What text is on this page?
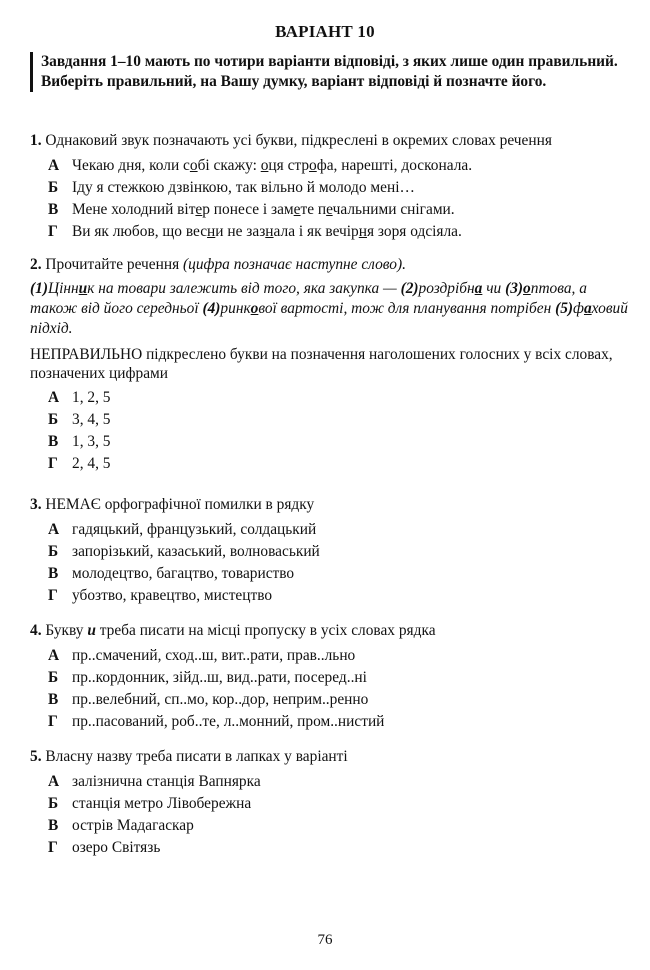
ВАРІАНТ 10
Завдання 1–10 мають по чотири варіанти відповіді, з яких лише один правильний. Виберіть правильний, на Вашу думку, варіант відповіді й позначте його.

1. Однаковий звук позначають усі букви, підкреслені в окремих словах речення

А Чекаю дня, коли собі скажу: оця строфа, нарешті, досконала.
Б Іду я стежкою дзвінкою, так вільно й молодо мені…
В Мене холодний вітер понесе і замете печальними снігами.
Г Ви як любов, що весни не зазнала і як вечірня зоря одсіяла.

2. Прочитайте речення (цифра позначає наступне слово).

(1)Цінник на товари залежить від того, яка закупка — (2)роздрібна чи (3)оптова, а також від його середньої (4)ринкової вартості, тож для планування потрібен (5)фаховий підхід.
НЕПРАВИЛЬНО підкреслено букви на позначення наголошених голосних у всіх словах, позначених цифрами
А 1, 2, 5
Б 3, 4, 5
В 1, 3, 5
Г 2, 4, 5

3. НЕМАЄ орфографічної помилки в рядку

А гадяцький, французький, солдацький
Б запорізький, казаський, волноваський
В молодецтво, багацтво, товариство
Г убозтво, кравецтво, мистецтво

4. Букву и треба писати на місці пропуску в усіх словах рядка

А пр..смачений, сход..ш, вит..рати, прав..льно
Б пр..кордонник, зійд..ш, вид..рати, посеред..ні
В пр..велебний, сп..мо, кор..дор, неприм..ренно
Г пр..пасований, роб..те, л..монний, пром..нистий

5. Власну назву треба писати в лапках у варіанті

А залізнична станція Вапнярка
Б станція метро Лівобережна
В острів Мадагаскар
Г озеро Світязь
76
